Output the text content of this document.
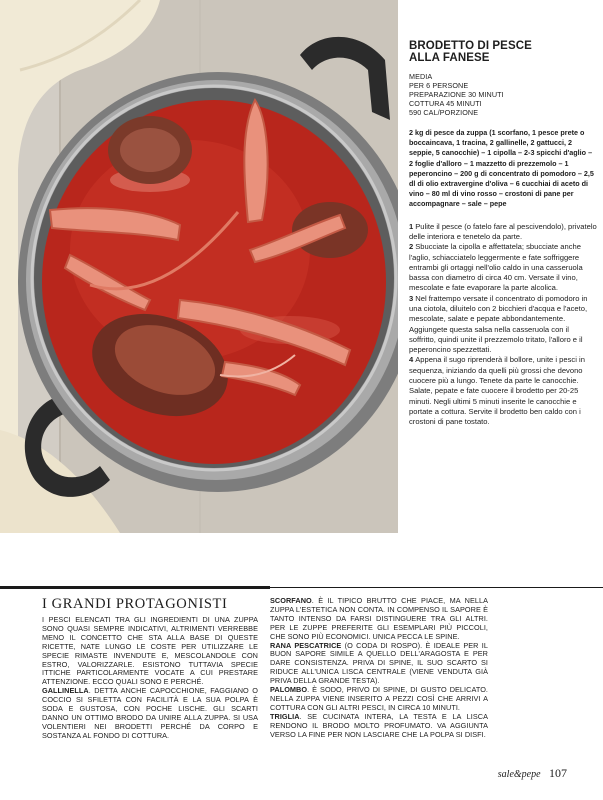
BRODETTO DI PESCE
ALLA FANESE
MEDIA
PER 6 PERSONE
PREPARAZIONE 30 MINUTI
COTTURA 45 MINUTI
590 CAL/PORZIONE

2 kg di pesce da zuppa (1 scorfano, 1 pesce prete o boccaincava, 1 tracina, 2 gallinelle, 2 gattucci, 2 seppie, 5 canocchie) – 1 cipolla – 2-3 spicchi d'aglio – 2 foglie d'alloro – 1 mazzetto di prezzemolo – 1 peperoncino – 200 g di concentrato di pomodoro – 2,5 dl di olio extravergine d'oliva – 6 cucchiai di aceto di vino – 80 ml di vino rosso – crostoni di pane per accompagnare – sale – pepe

1 Pulite il pesce (o fatelo fare al pescivendolo), privatelo delle interiora e tenetelo da parte.

2 Sbucciate la cipolla e affettatela; sbucciate anche l'aglio, schiacciatelo leggermente e fate soffriggere entrambi gli ortaggi nell'olio caldo in una casseruola bassa con diametro di circa 40 cm. Versate il vino, mescolate e fate evaporare la parte alcolica.

3 Nel frattempo versate il concentrato di pomodoro in una ciotola, diluitelo con 2 bicchieri d'acqua e l'aceto, mescolate, salate e pepate abbondantemente. Aggiungete questa salsa nella casseruola con il soffritto, quindi unite il prezzemolo tritato, l'alloro e il peperoncino spezzettati.

4 Appena il sugo riprenderà il bollore, unite i pesci in sequenza, iniziando da quelli più grossi che devono cuocere più a lungo. Tenete da parte le canocchie. Salate, pepate e fate cuocere il brodetto per 20-25 minuti. Negli ultimi 5 minuti inserite le canocchie e portate a cottura. Servite il brodetto ben caldo con i crostoni di pane tostato.

I GRANDI PROTAGONISTI

I PESCI ELENCATI TRA GLI INGREDIENTI DI UNA ZUPPA SONO QUASI SEMPRE INDICATIVI, ALTRIMENTI VERREBBE MENO IL CONCETTO CHE STA ALLA BASE DI QUESTE RICETTE, NATE LUNGO LE COSTE PER UTILIZZARE LE SPECIE RIMASTE INVENDUTE E, MESCOLANDOLE CON ESTRO, VALORIZZARLE. ESISTONO TUTTAVIA SPECIE ITTICHE PARTICOLARMENTE VOCATE A CUI PRESTARE ATTENZIONE. ECCO QUALI SONO E PERCHÉ.

GALLINELLA. DETTA ANCHE CAPOCCHIONE, FAGGIANO O COCCIO SI SFILETTA CON FACILITÀ E LA SUA POLPA È SODA E GUSTOSA, CON POCHE LISCHE. GLI SCARTI DANNO UN OTTIMO BRODO DA UNIRE ALLA ZUPPA. SI USA VOLENTIERI NEI BRODETTI PERCHÉ DA CORPO E SOSTANZA AL FONDO DI COTTURA.

SCORFANO. È IL TIPICO BRUTTO CHE PIACE, MA NELLA ZUPPA L'ESTETICA NON CONTA. IN COMPENSO IL SAPORE È TANTO INTENSO DA FARSI DISTINGUERE TRA GLI ALTRI. PER LE ZUPPE PREFERITE GLI ESEMPLARI PIÙ PICCOLI, CHE SONO PIÙ ECONOMICI. UNICA PECCA LE SPINE.

RANA PESCATRICE (O CODA DI ROSPO). È IDEALE PER IL BUON SAPORE SIMILE A QUELLO DELL'ARAGOSTA E PER DARE CONSISTENZA. PRIVA DI SPINE, IL SUO SCARTO SI RIDUCE ALL'UNICA LISCA CENTRALE (VIENE VENDUTA GIÀ PRIVA DELLA GRANDE TESTA).

PALOMBO. È SODO, PRIVO DI SPINE, DI GUSTO DELICATO. NELLA ZUPPA VIENE INSERITO A PEZZI COSÌ CHE ARRIVI A COTTURA CON GLI ALTRI PESCI, IN CIRCA 10 MINUTI.

TRIGLIA. SE CUCINATA INTERA, LA TESTA E LA LISCA RENDONO IL BRODO MOLTO PROFUMATO. VA AGGIUNTA VERSO LA FINE PER NON LASCIARE CHE LA POLPA SI DISFI.

sale&pepe 107
